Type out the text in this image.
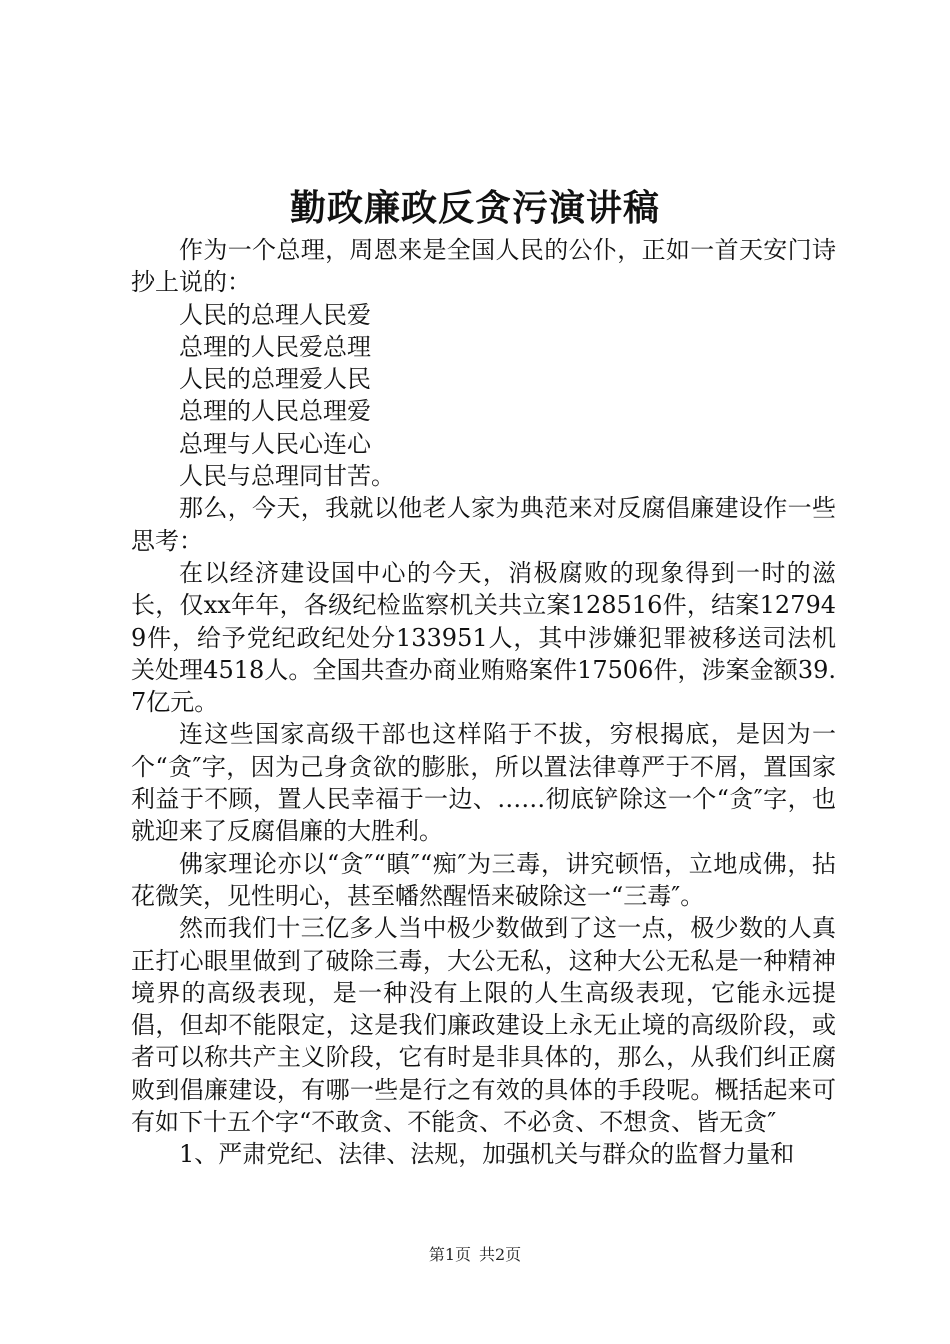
勤政廉政反贪污演讲稿

作为一个总理，周恩来是全国人民的公仆，正如一首天安门诗抄上说的：

人民的总理人民爱

总理的人民爱总理

人民的总理爱人民

总理的人民总理爱

总理与人民心连心

人民与总理同甘苦。

那么，今天，我就以他老人家为典范来对反腐倡廉建设作一些思考：

在以经济建设国中心的今天，消极腐败的现象得到一时的滋长，仅xx年年，各级纪检监察机关共立案128516件，结案127949件，给予党纪政纪处分133951人，其中涉嫌犯罪被移送司法机关处理4518人。全国共查办商业贿赂案件17506件，涉案金额39.7亿元。

连这些国家高级干部也这样陷于不拔，穷根揭底，是因为一个“贪″字，因为己身贪欲的膨胀，所以置法律尊严于不屑，置国家利益于不顾，置人民幸福于一边、……彻底铲除这一个“贪″字，也就迎来了反腐倡廉的大胜利。

佛家理论亦以“贪″“瞋″“痴″为三毒，讲究顿悟，立地成佛，拈花微笑，见性明心，甚至幡然醒悟来破除这一“三毒″。

然而我们十三亿多人当中极少数做到了这一点，极少数的人真正打心眼里做到了破除三毒，大公无私，这种大公无私是一种精神境界的高级表现，是一种没有上限的人生高级表现，它能永远提倡，但却不能限定，这是我们廉政建设上永无止境的高级阶段，或者可以称共产主义阶段，它有时是非具体的，那么，从我们纠正腐败到倡廉建设，有哪一些是行之有效的具体的手段呢。概括起来可有如下十五个字“不敢贪、不能贪、不必贪、不想贪、皆无贪″

1、严肃党纪、法律、法规，加强机关与群众的监督力量和

第1页 共2页
